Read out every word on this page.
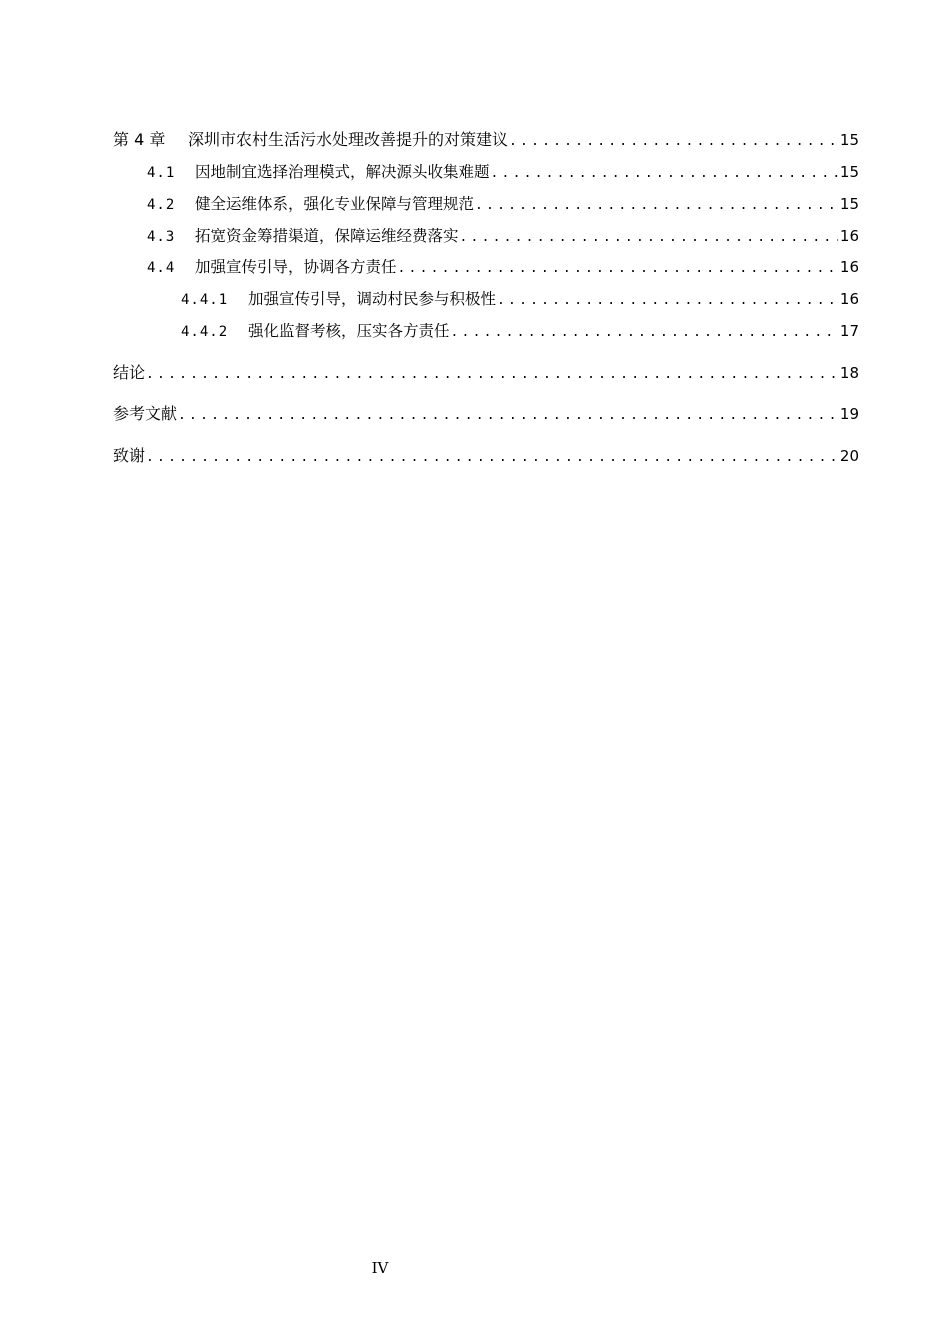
第 4 章	深圳市农村生活污水处理改善提升的对策建议 .....	15
4.1	因地制宜选择治理模式，解决源头收集难题 .....	15
4.2	健全运维体系，强化专业保障与管理规范 .....	15
4.3	拓宽资金筹措渠道，保障运维经费落实 .....	16
4.4	加强宣传引导，协调各方责任 .....	16
4.4.1	加强宣传引导，调动村民参与积极性 .....	16
4.4.2	强化监督考核，压实各方责任 .....	17
结论 .....	18
参考文献 .....	19
致谢 .....	20
IV
